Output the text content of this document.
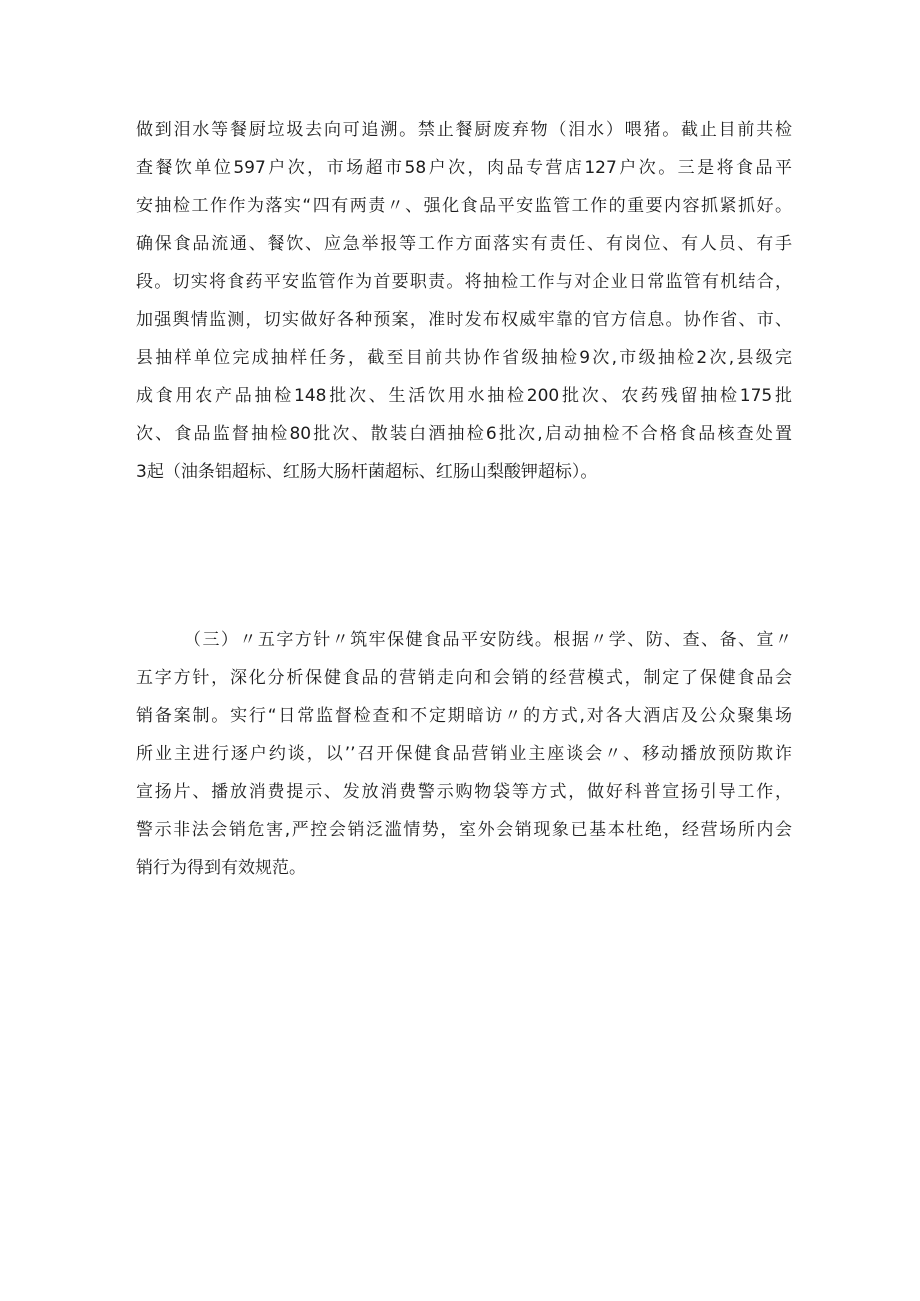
做到泪水等餐厨垃圾去向可追溯。禁止餐厨废弃物（泪水）喂猪。截止目前共检
查餐饮单位597户次，市场超市58户次，肉品专营店127户次。三是将食品平
安抽检工作作为落实“四有两责〃、强化食品平安监管工作的重要内容抓紧抓好。
确保食品流通、餐饮、应急举报等工作方面落实有责任、有岗位、有人员、有手
段。切实将食药平安监管作为首要职责。将抽检工作与对企业日常监管有机结合，
加强舆情监测，切实做好各种预案，准时发布权威牢靠的官方信息。协作省、市、
县抽样单位完成抽样任务，截至目前共协作省级抽检9次,市级抽检2次,县级完
成食用农产品抽检148批次、生活饮用水抽检200批次、农药残留抽检175批
次、食品监督抽检80批次、散装白酒抽检6批次,启动抽检不合格食品核查处置
3起（油条铝超标、红肠大肠杆菌超标、红肠山梨酸钾超标）。
（三）〃五字方针〃筑牢保健食品平安防线。根据〃学、防、查、备、宣〃
五字方针，深化分析保健食品的营销走向和会销的经营模式，制定了保健食品会
销备案制。实行“日常监督检查和不定期暗访〃的方式,对各大酒店及公众聚集场
所业主进行逐户约谈，以’’召开保健食品营销业主座谈会〃、移动播放预防欺诈
宣扬片、播放消费提示、发放消费警示购物袋等方式，做好科普宣扬引导工作，
警示非法会销危害,严控会销泛滥情势，室外会销现象已基本杜绝，经营场所内会
销行为得到有效规范。
